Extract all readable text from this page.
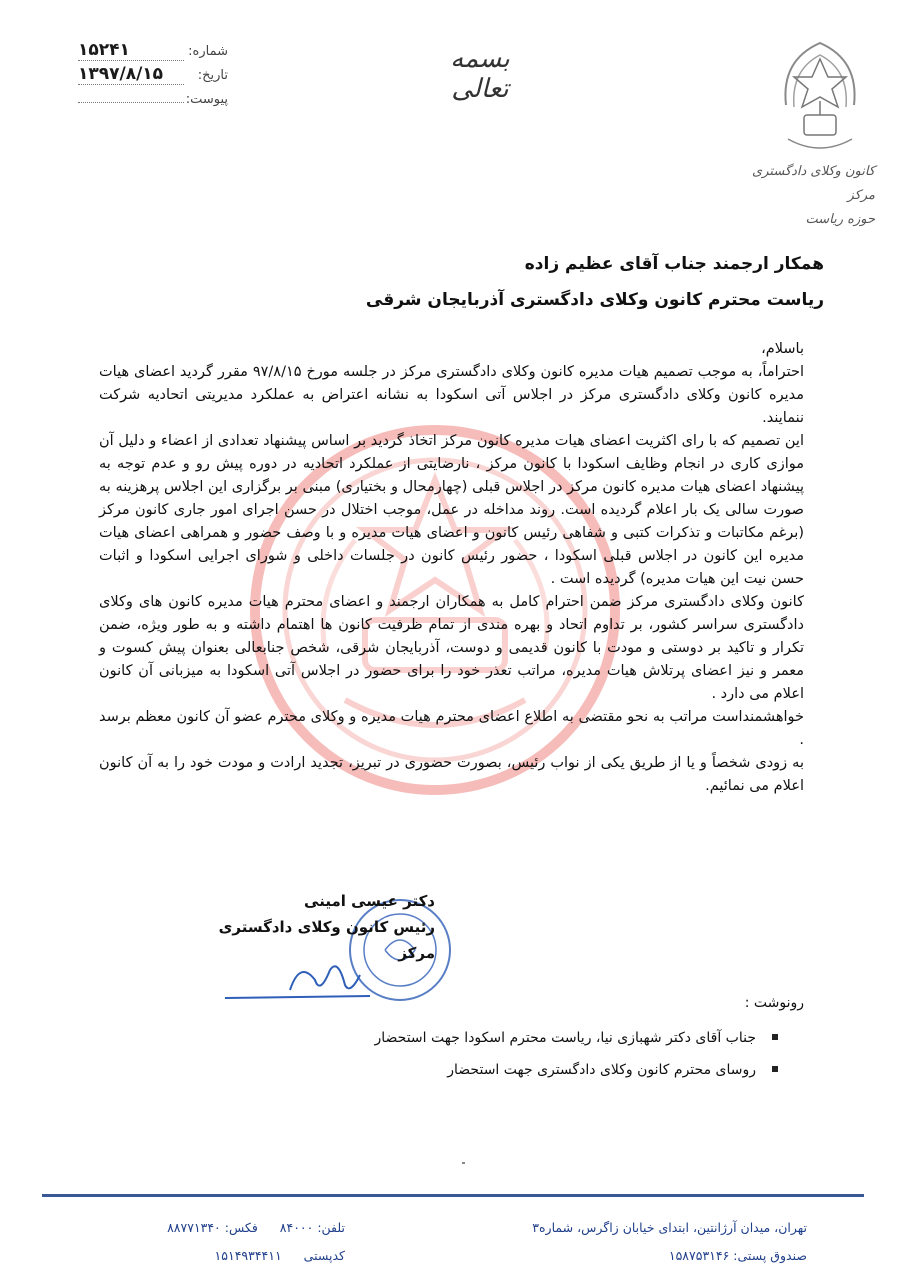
شماره:
۱۵۲۴۱
تاریخ:
۱۳۹۷/۸/۱۵
پیوست:
بسمه تعالی
کانون وکلای دادگستری مرکز
حوزه ریاست
همکار ارجمند جناب آقای عظیم زاده
ریاست محترم کانون وکلای دادگستری آذربایجان شرقی

باسلام،

احتراماً، به موجب تصمیم هیات مدیره کانون وکلای دادگستری مرکز در جلسه مورخ ۹۷/۸/۱۵ مقرر گردید اعضای هیات مدیره کانون وکلای دادگستری مرکز در اجلاس آتی اسکودا به نشانه اعتراض به عملکرد مدیریتی اتحادیه شرکت ننمایند.

این تصمیم که با رای اکثریت اعضای هیات مدیره کانون مرکز اتخاذ گردید بر اساس پیشنهاد تعدادی از اعضاء و دلیل آن موازی کاری در انجام وظایف اسکودا با کانون مرکز ، نارضایتی از عملکرد اتحادیه در دوره پیش رو و عدم توجه به پیشنهاد اعضای هیات مدیره کانون مرکز در اجلاس قبلی (چهارمحال و بختیاری) مبنی بر برگزاری این اجلاس پرهزینه به صورت سالی یک بار اعلام گردیده است. روند مداخله در عمل، موجب اختلال در حسن اجرای امور جاری کانون مرکز (برغم مکاتبات و تذکرات کتبی و شفاهی رئیس کانون و اعضای هیات مدیره و با وصف حضور و همراهی اعضای هیات مدیره این کانون در اجلاس قبلی اسکودا ، حضور رئیس کانون در جلسات داخلی و شورای اجرایی اسکودا و اثبات حسن نیت این هیات مدیره) گردیده است .

کانون وکلای دادگستری مرکز ضمن احترام کامل به همکاران ارجمند و اعضای محترم هیات مدیره کانون های وکلای دادگستری سراسر کشور، بر تداوم اتحاد و بهره مندی از تمام ظرفیت کانون ها اهتمام داشته و به طور ویژه، ضمن تکرار و تاکید بر دوستی و مودت با کانون قدیمی و دوست، آذربایجان شرقی، شخص جنابعالی بعنوان پیش کسوت و معمر و نیز اعضای پرتلاش هیات مدیره، مراتب تعذر خود را برای حضور در اجلاس آتی اسکودا به میزبانی آن کانون اعلام می دارد .

خواهشمنداست مراتب به نحو مقتضی به اطلاع اعضای محترم هیات مدیره و وکلای محترم عضو آن کانون معظم برسد .

به زودی شخصاً و یا از طریق یکی از نواب رئیس، بصورت حضوری در تبریز، تجدید ارادت و مودت خود را به آن کانون اعلام می نمائیم.

دکتر عیسی امینی
رئیس کانون وکلای دادگستری مرکز
رونوشت :
جناب آقای دکتر شهبازی نیا، ریاست محترم اسکودا جهت استحضار
روسای محترم کانون وکلای دادگستری جهت استحضار
تهران، میدان آرژانتین، ابتدای خیابان زاگرس، شماره۳
صندوق پستی: ۱۵۸۷۵۳۱۴۶
تلفن: ۸۴۰۰۰  فکس: ۸۸۷۷۱۳۴۰
کدپستی  ۱۵۱۴۹۳۴۴۱۱
